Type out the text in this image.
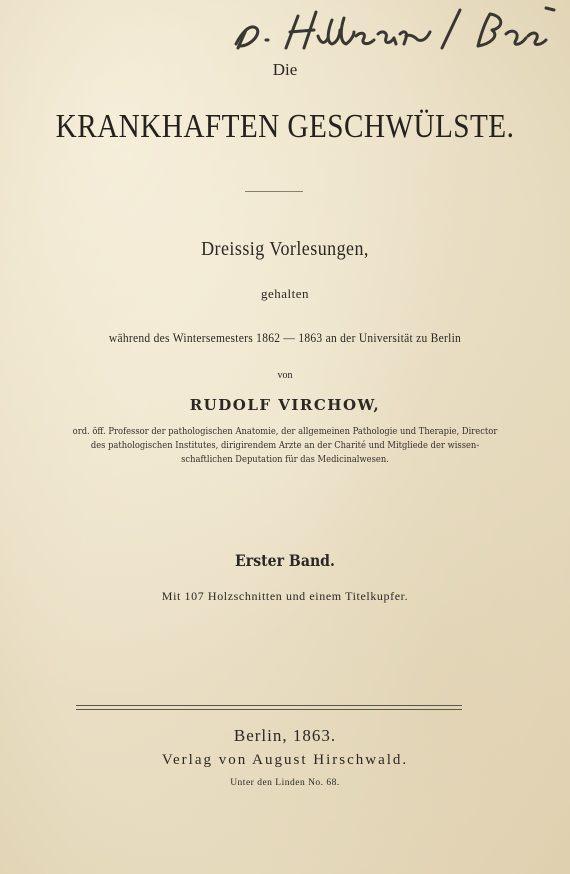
Die
KRANKHAFTEN GESCHWÜLSTE.
Dreissig Vorlesungen,
gehalten
während des Wintersemesters 1862 — 1863 an der Universität zu Berlin
von
RUDOLF VIRCHOW,
ord. öff. Professor der pathologischen Anatomie, der allgemeinen Pathologie und Therapie, Director
des pathologischen Institutes, dirigirendem Arzte an der Charité und Mitgliede der wissen-
schaftlichen Deputation für das Medicinalwesen.
Erster Band.
Mit 107 Holzschnitten und einem Titelkupfer.
Berlin, 1863.
Verlag von August Hirschwald.
Unter den Linden No. 68.
